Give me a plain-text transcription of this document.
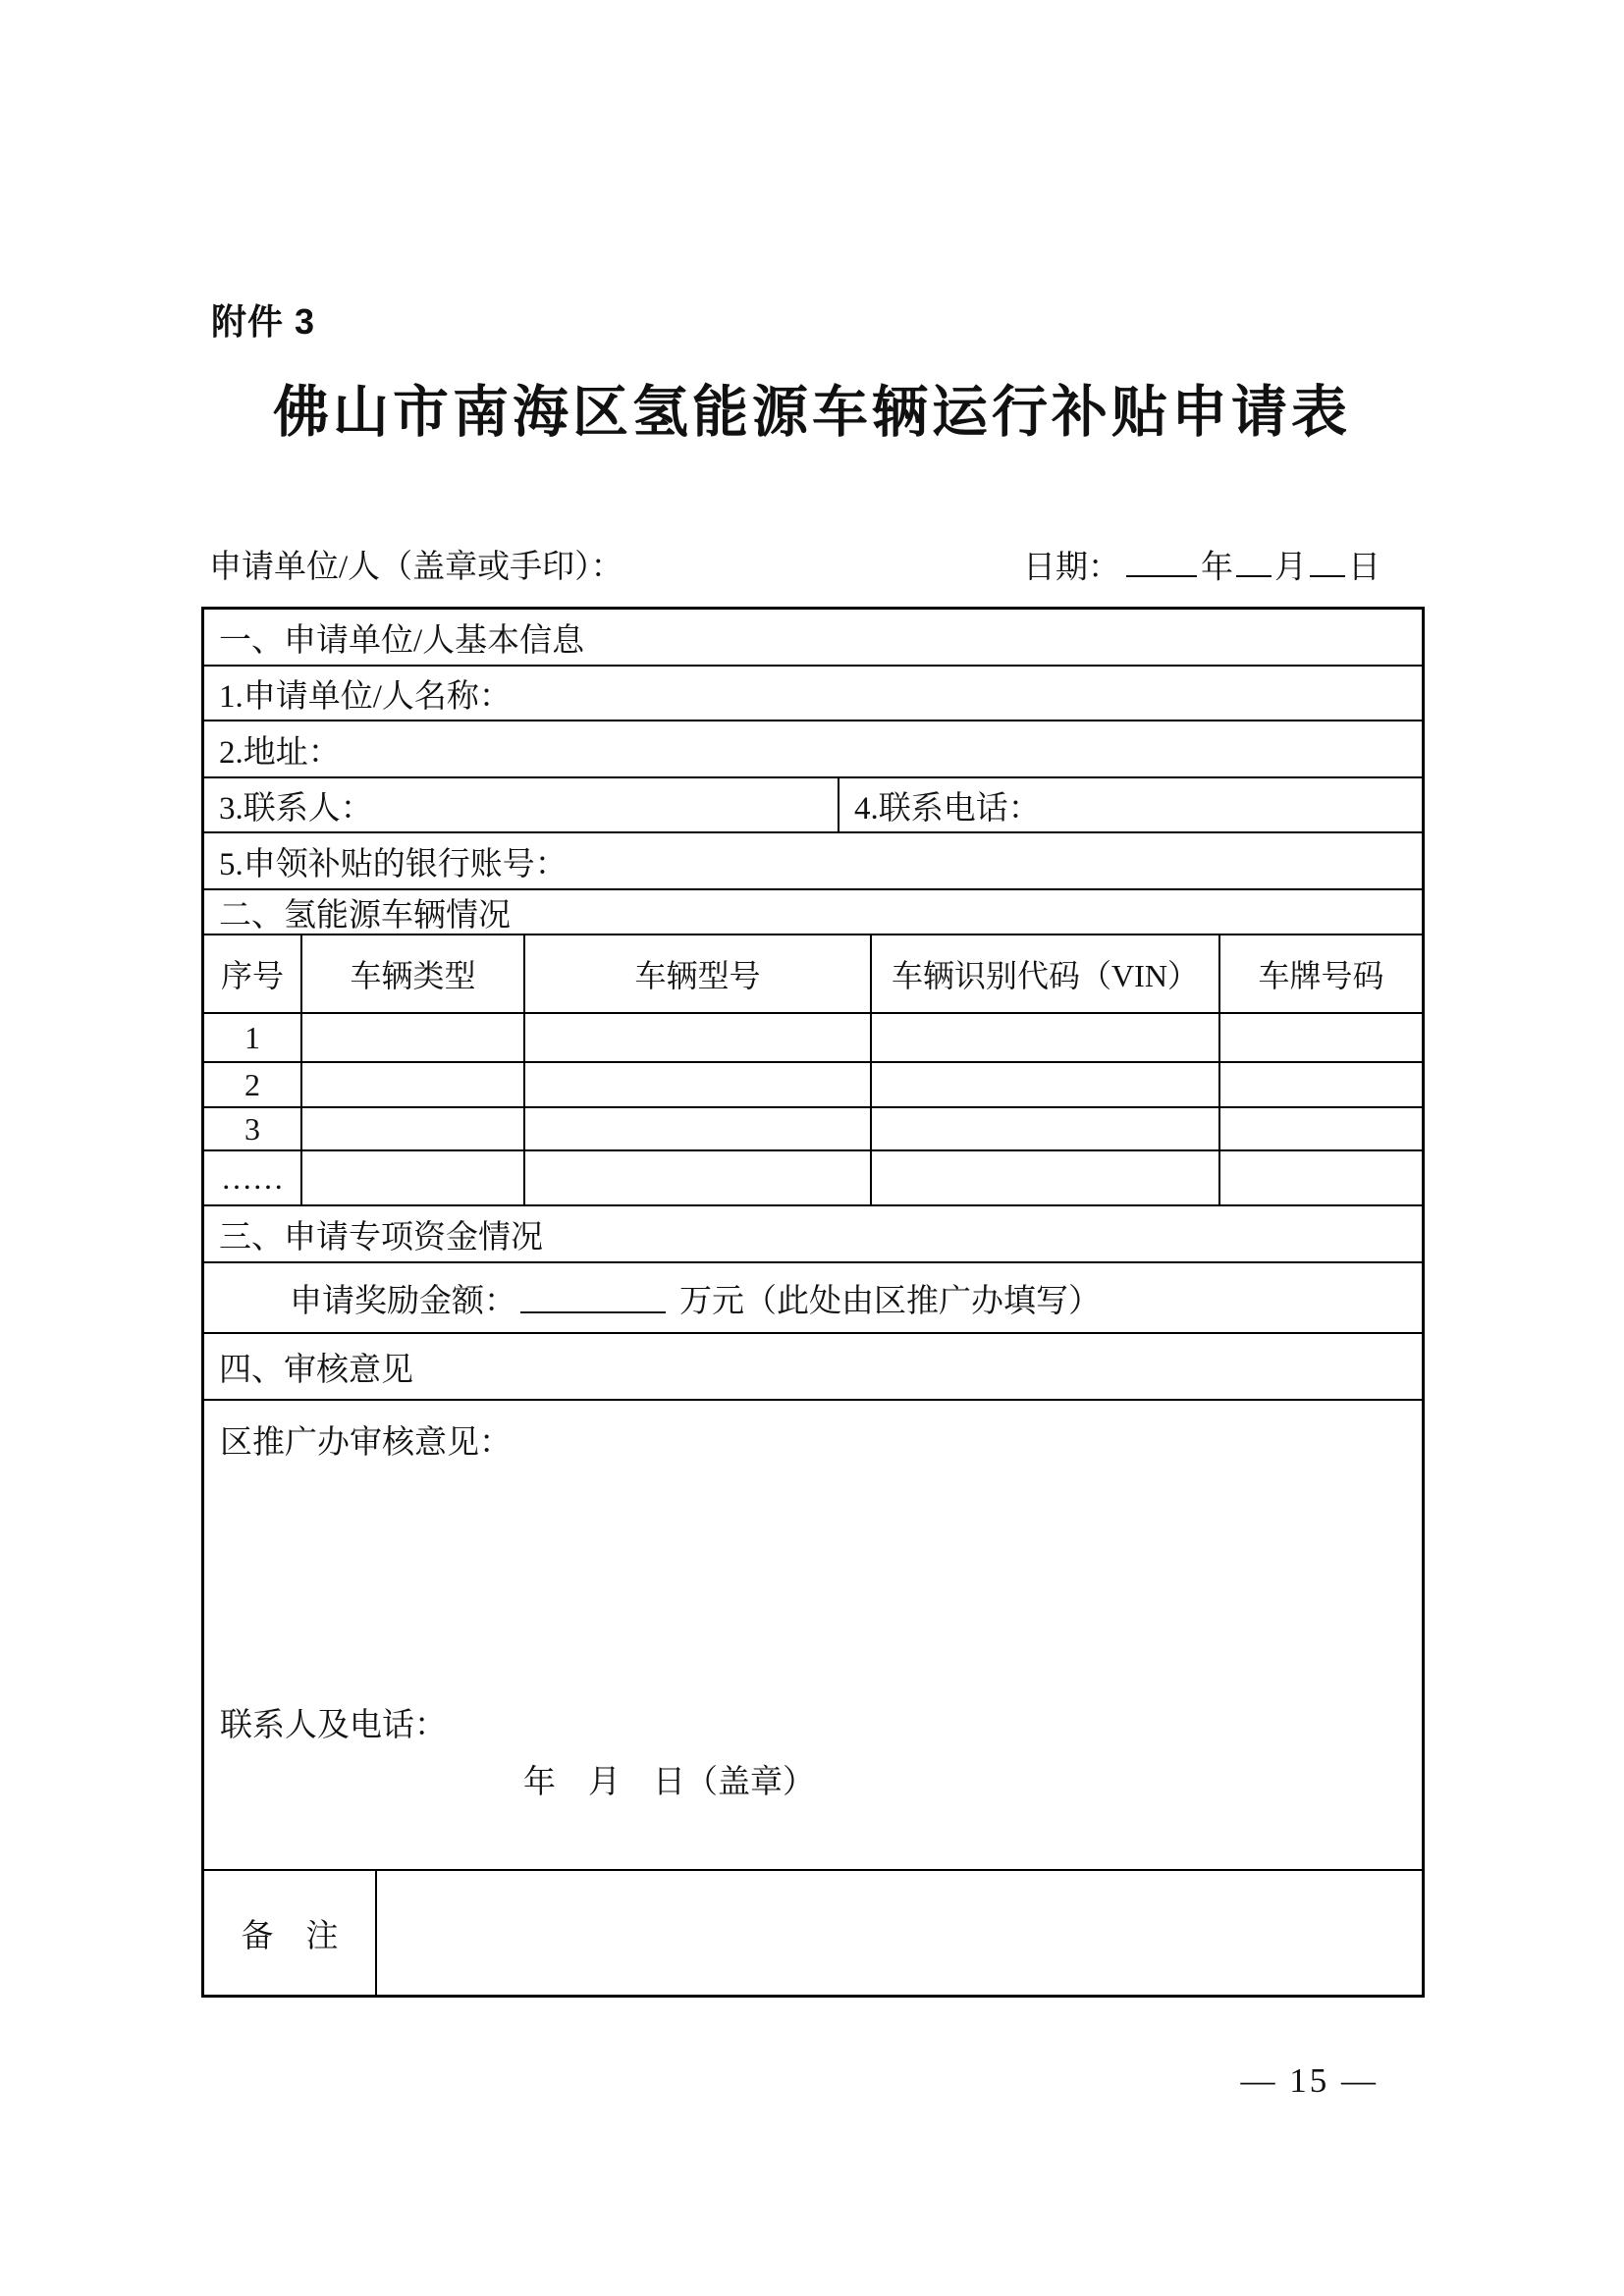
附件 3
佛山市南海区氢能源车辆运行补贴申请表
申请单位/人（盖章或手印）：	日期： 年 月 日
一、申请单位/人基本信息
1.申请单位/人名称：
2.地址：
3.联系人：	4.联系电话：
5.申领补贴的银行账号：
二、氢能源车辆情况
序号	车辆类型	车辆型号	车辆识别代码（VIN）	车牌号码
1
2
3
……
三、申请专项资金情况
申请奖励金额：	万元（此处由区推广办填写）
四、审核意见
区推广办审核意见：
联系人及电话：
年　月　日（盖章）
备　注
— 15 —
